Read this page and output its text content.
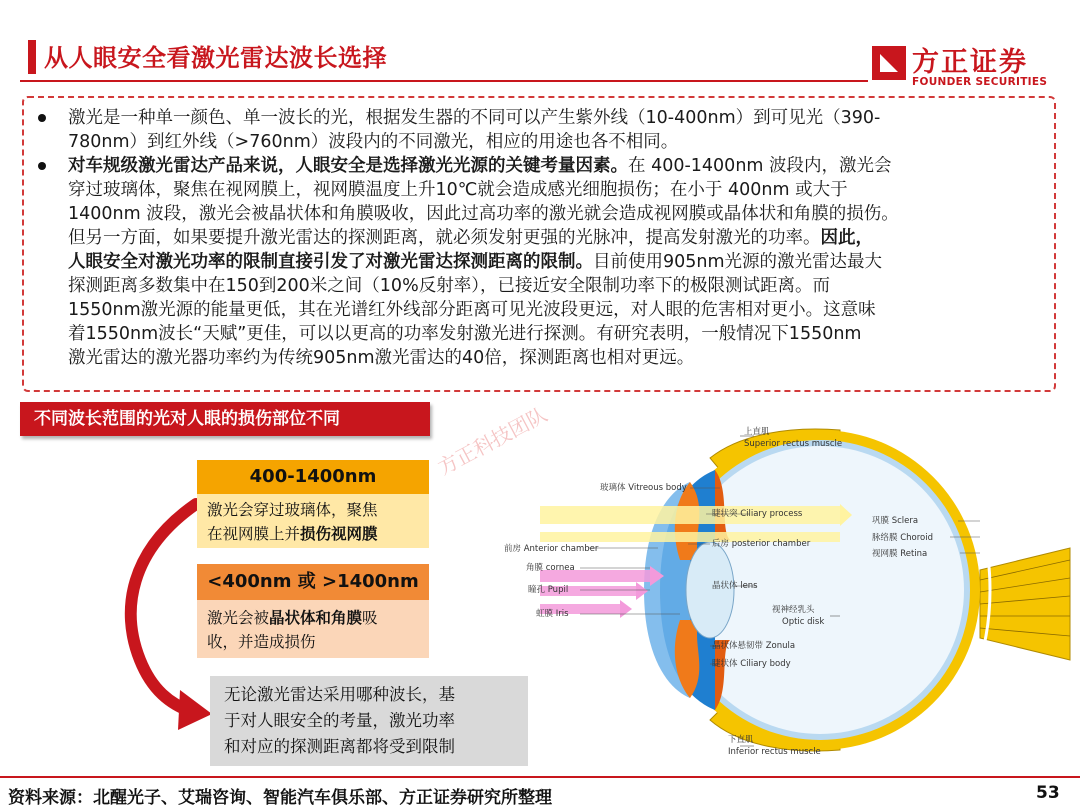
从人眼安全看激光雷达波长选择	方正证券
FOUNDER SECURITIES
激光是一种单一颜色、单一波长的光，根据发生器的不同可以产生紫外线（10-400nm）到可见光（390-
780nm）到红外线（>760nm）波段内的不同激光，相应的用途也各不相同。
对车规级激光雷达产品来说，人眼安全是选择激光光源的关键考量因素。在 400-1400nm 波段内，激光会
穿过玻璃体，聚焦在视网膜上，视网膜温度上升10℃就会造成感光细胞损伤；在小于 400nm 或大于
1400nm 波段，激光会被晶状体和角膜吸收，因此过高功率的激光就会造成视网膜或晶体状和角膜的损伤。
但另一方面，如果要提升激光雷达的探测距离，就必须发射更强的光脉冲，提高发射激光的功率。因此，
人眼安全对激光功率的限制直接引发了对激光雷达探测距离的限制。目前使用905nm光源的激光雷达最大
探测距离多数集中在150到200米之间（10%反射率），已接近安全限制功率下的极限测试距离。而
1550nm激光源的能量更低，其在光谱红外线部分距离可见光波段更远，对人眼的危害相对更小。这意味
着1550nm波长“天赋”更佳，可以以更高的功率发射激光进行探测。有研究表明，一般情况下1550nm
激光雷达的激光器功率约为传统905nm激光雷达的40倍，探测距离也相对更远。
不同波长范围的光对人眼的损伤部位不同
400-1400nm
激光会穿过玻璃体，聚焦
在视网膜上并损伤视网膜
<400nm 或 >1400nm
激光会被晶状体和角膜吸
收，并造成损伤
无论激光雷达采用哪种波长，基
于对人眼安全的考量，激光功率
和对应的探测距离都将受到限制
方正科技团队	上直肌
Superior rectus muscle
玻璃体 Vitreous body
睫状突 Ciliary process
巩膜 Sclera
脉络膜 Choroid
视网膜 Retina
前房 Anterior chamber	后房 posterior chamber
角膜 cornea
瞳孔 Pupil	晶状体 lens
虹膜 Iris	视神经乳头
Optic disk
晶状体悬韧带 Zonula
睫状体 Ciliary body
下直肌
Inferior rectus muscle
资料来源：北醒光子、艾瑞咨询、智能汽车俱乐部、方正证券研究所整理	53
